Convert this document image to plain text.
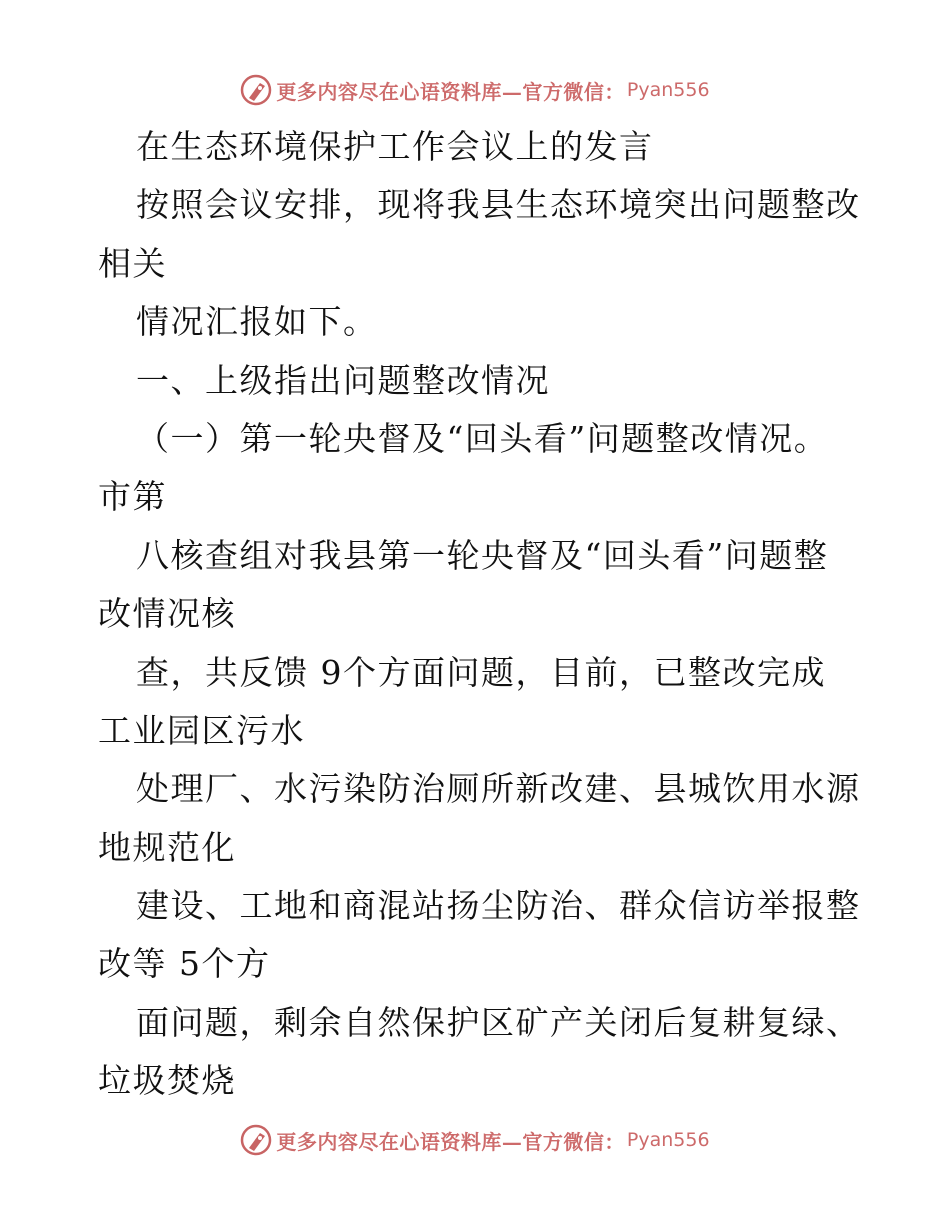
更多内容尽在心语资料库—官方微信： Pyan556
在生态环境保护工作会议上的发言
按照会议安排，现将我县生态环境突出问题整改
相关
情况汇报如下。
一、上级指出问题整改情况
（一）第一轮央督及“回头看”问题整改情况。
市第
八核查组对我县第一轮央督及“回头看”问题整
改情况核
查，共反馈 9个方面问题，目前，已整改完成
工业园区污水
处理厂、水污染防治厕所新改建、县城饮用水源
地规范化
建设、工地和商混站扬尘防治、群众信访举报整
改等 5个方
面问题，剩余自然保护区矿产关闭后复耕复绿、
垃圾焚烧
更多内容尽在心语资料库—官方微信： Pyan556
